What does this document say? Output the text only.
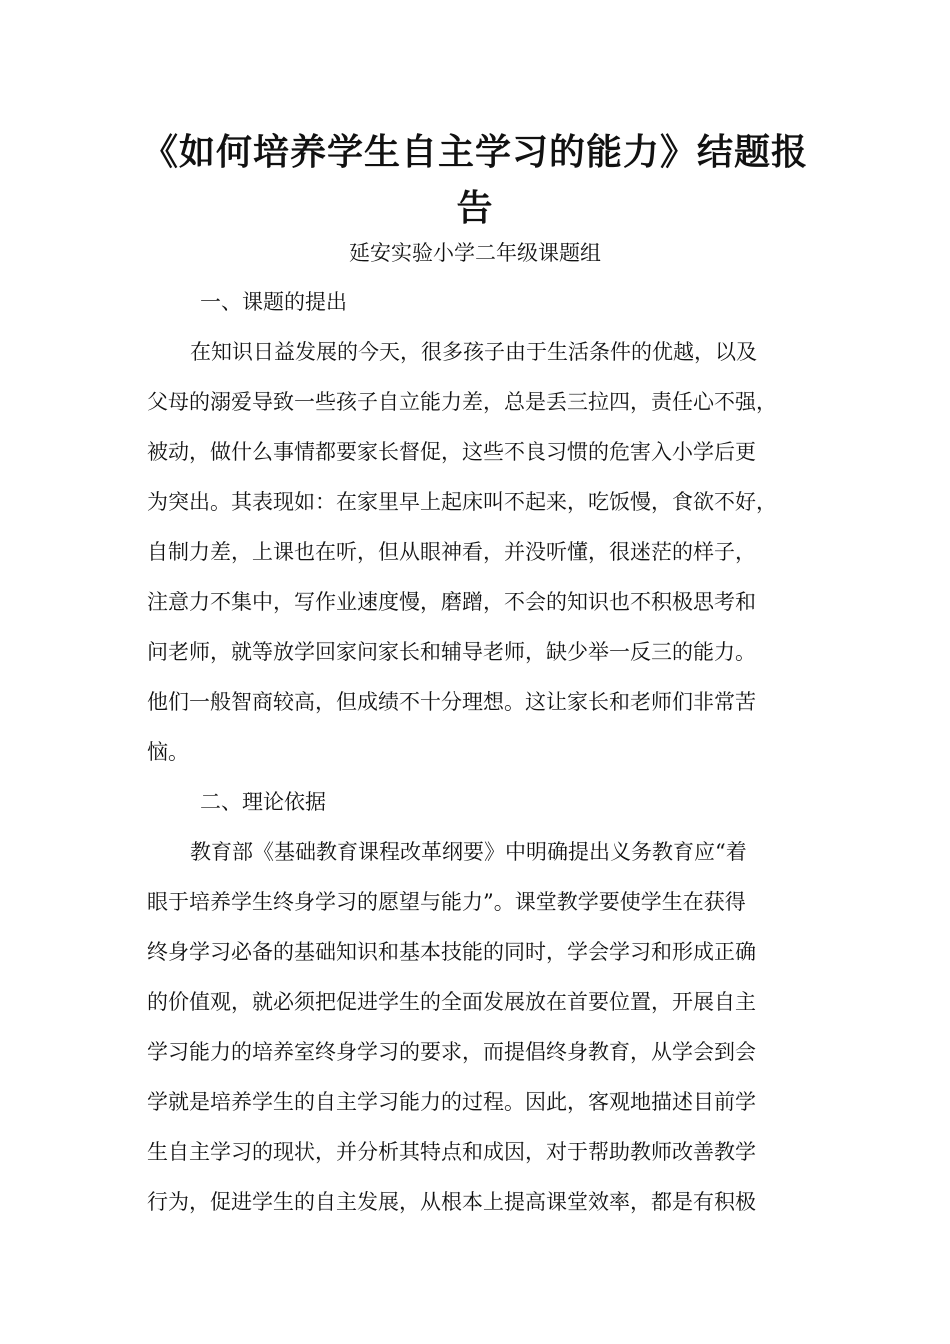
《如何培养学生自主学习的能力》结题报
告
延安实验小学二年级课题组
一、课题的提出
在知识日益发展的今天，很多孩子由于生活条件的优越，以及
父母的溺爱导致一些孩子自立能力差，总是丢三拉四，责任心不强，
被动，做什么事情都要家长督促，这些不良习惯的危害入小学后更
为突出。其表现如：在家里早上起床叫不起来，吃饭慢，食欲不好，
自制力差，上课也在听，但从眼神看，并没听懂，很迷茫的样子，
注意力不集中，写作业速度慢，磨蹭，不会的知识也不积极思考和
问老师，就等放学回家问家长和辅导老师，缺少举一反三的能力。
他们一般智商较高，但成绩不十分理想。这让家长和老师们非常苦
恼。
二、理论依据
教育部《基础教育课程改革纲要》中明确提出义务教育应“着
眼于培养学生终身学习的愿望与能力”。课堂教学要使学生在获得
终身学习必备的基础知识和基本技能的同时，学会学习和形成正确
的价值观，就必须把促进学生的全面发展放在首要位置，开展自主
学习能力的培养室终身学习的要求，而提倡终身教育，从学会到会
学就是培养学生的自主学习能力的过程。因此，客观地描述目前学
生自主学习的现状，并分析其特点和成因，对于帮助教师改善教学
行为，促进学生的自主发展，从根本上提高课堂效率，都是有积极
